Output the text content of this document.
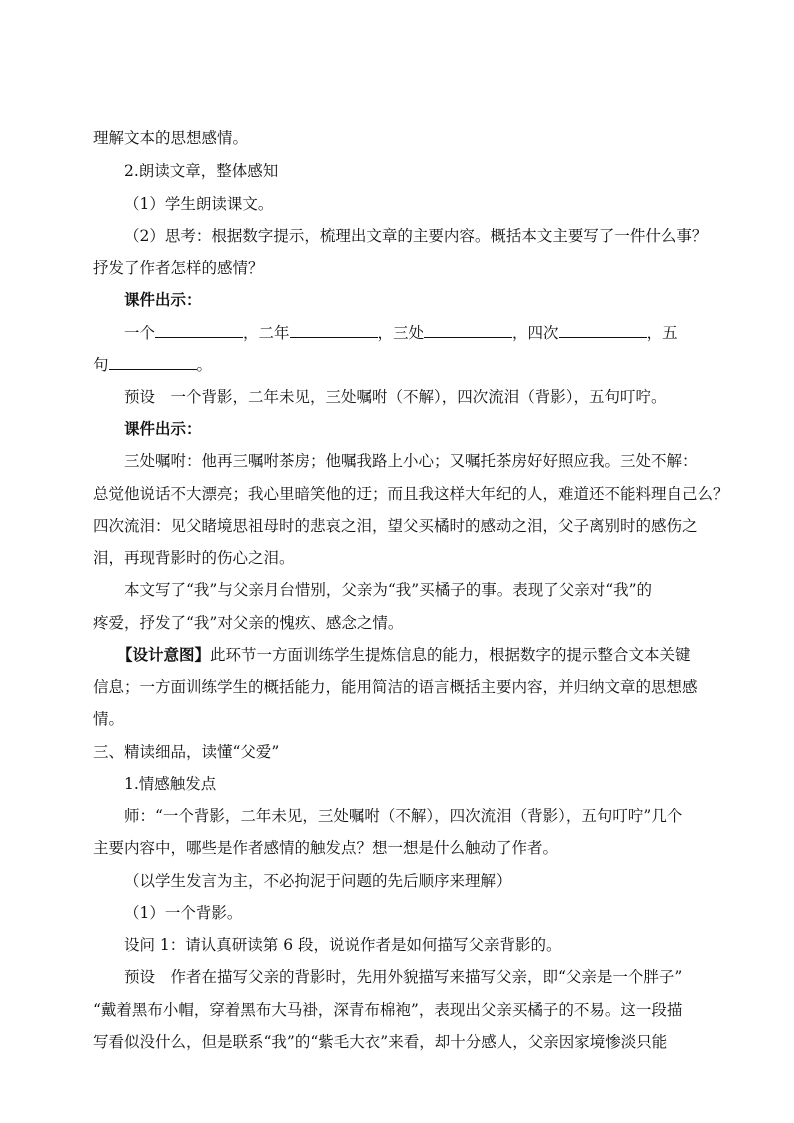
理解文本的思想感情。
2.朗读文章，整体感知
（1）学生朗读课文。
（2）思考：根据数字提示，梳理出文章的主要内容。概括本文主要写了一件什么事？
抒发了作者怎样的感情？
课件出示：
一个	，二年	，三处	，四次	，五
句	。
预设　一个背影，二年未见，三处嘱咐（不解），四次流泪（背影），五句叮咛。
课件出示：
三处嘱咐：他再三嘱咐茶房；他嘱我路上小心；又嘱托茶房好好照应我。三处不解：
总觉他说话不大漂亮；我心里暗笑他的迂；而且我这样大年纪的人，难道还不能料理自己么？
四次流泪：见父睹境思祖母时的悲哀之泪，望父买橘时的感动之泪，父子离别时的感伤之
泪，再现背影时的伤心之泪。
本文写了“我”与父亲月台惜别，父亲为“我”买橘子的事。表现了父亲对“我”的
疼爱，抒发了“我”对父亲的愧疚、感念之情。
【设计意图】此环节一方面训练学生提炼信息的能力，根据数字的提示整合文本关键
信息；一方面训练学生的概括能力，能用简洁的语言概括主要内容，并归纳文章的思想感
情。
三、精读细品，读懂“父爱”
1.情感触发点
师：“一个背影，二年未见，三处嘱咐（不解），四次流泪（背影），五句叮咛”几个
主要内容中，哪些是作者感情的触发点？想一想是什么触动了作者。
（以学生发言为主，不必拘泥于问题的先后顺序来理解）
（1）一个背影。
设问 1：请认真研读第 6 段，说说作者是如何描写父亲背影的。
预设　作者在描写父亲的背影时，先用外貌描写来描写父亲，即“父亲是一个胖子”
“戴着黑布小帽，穿着黑布大马褂，深青布棉袍”，表现出父亲买橘子的不易。这一段描
写看似没什么，但是联系“我”的“紫毛大衣”来看，却十分感人，父亲因家境惨淡只能
